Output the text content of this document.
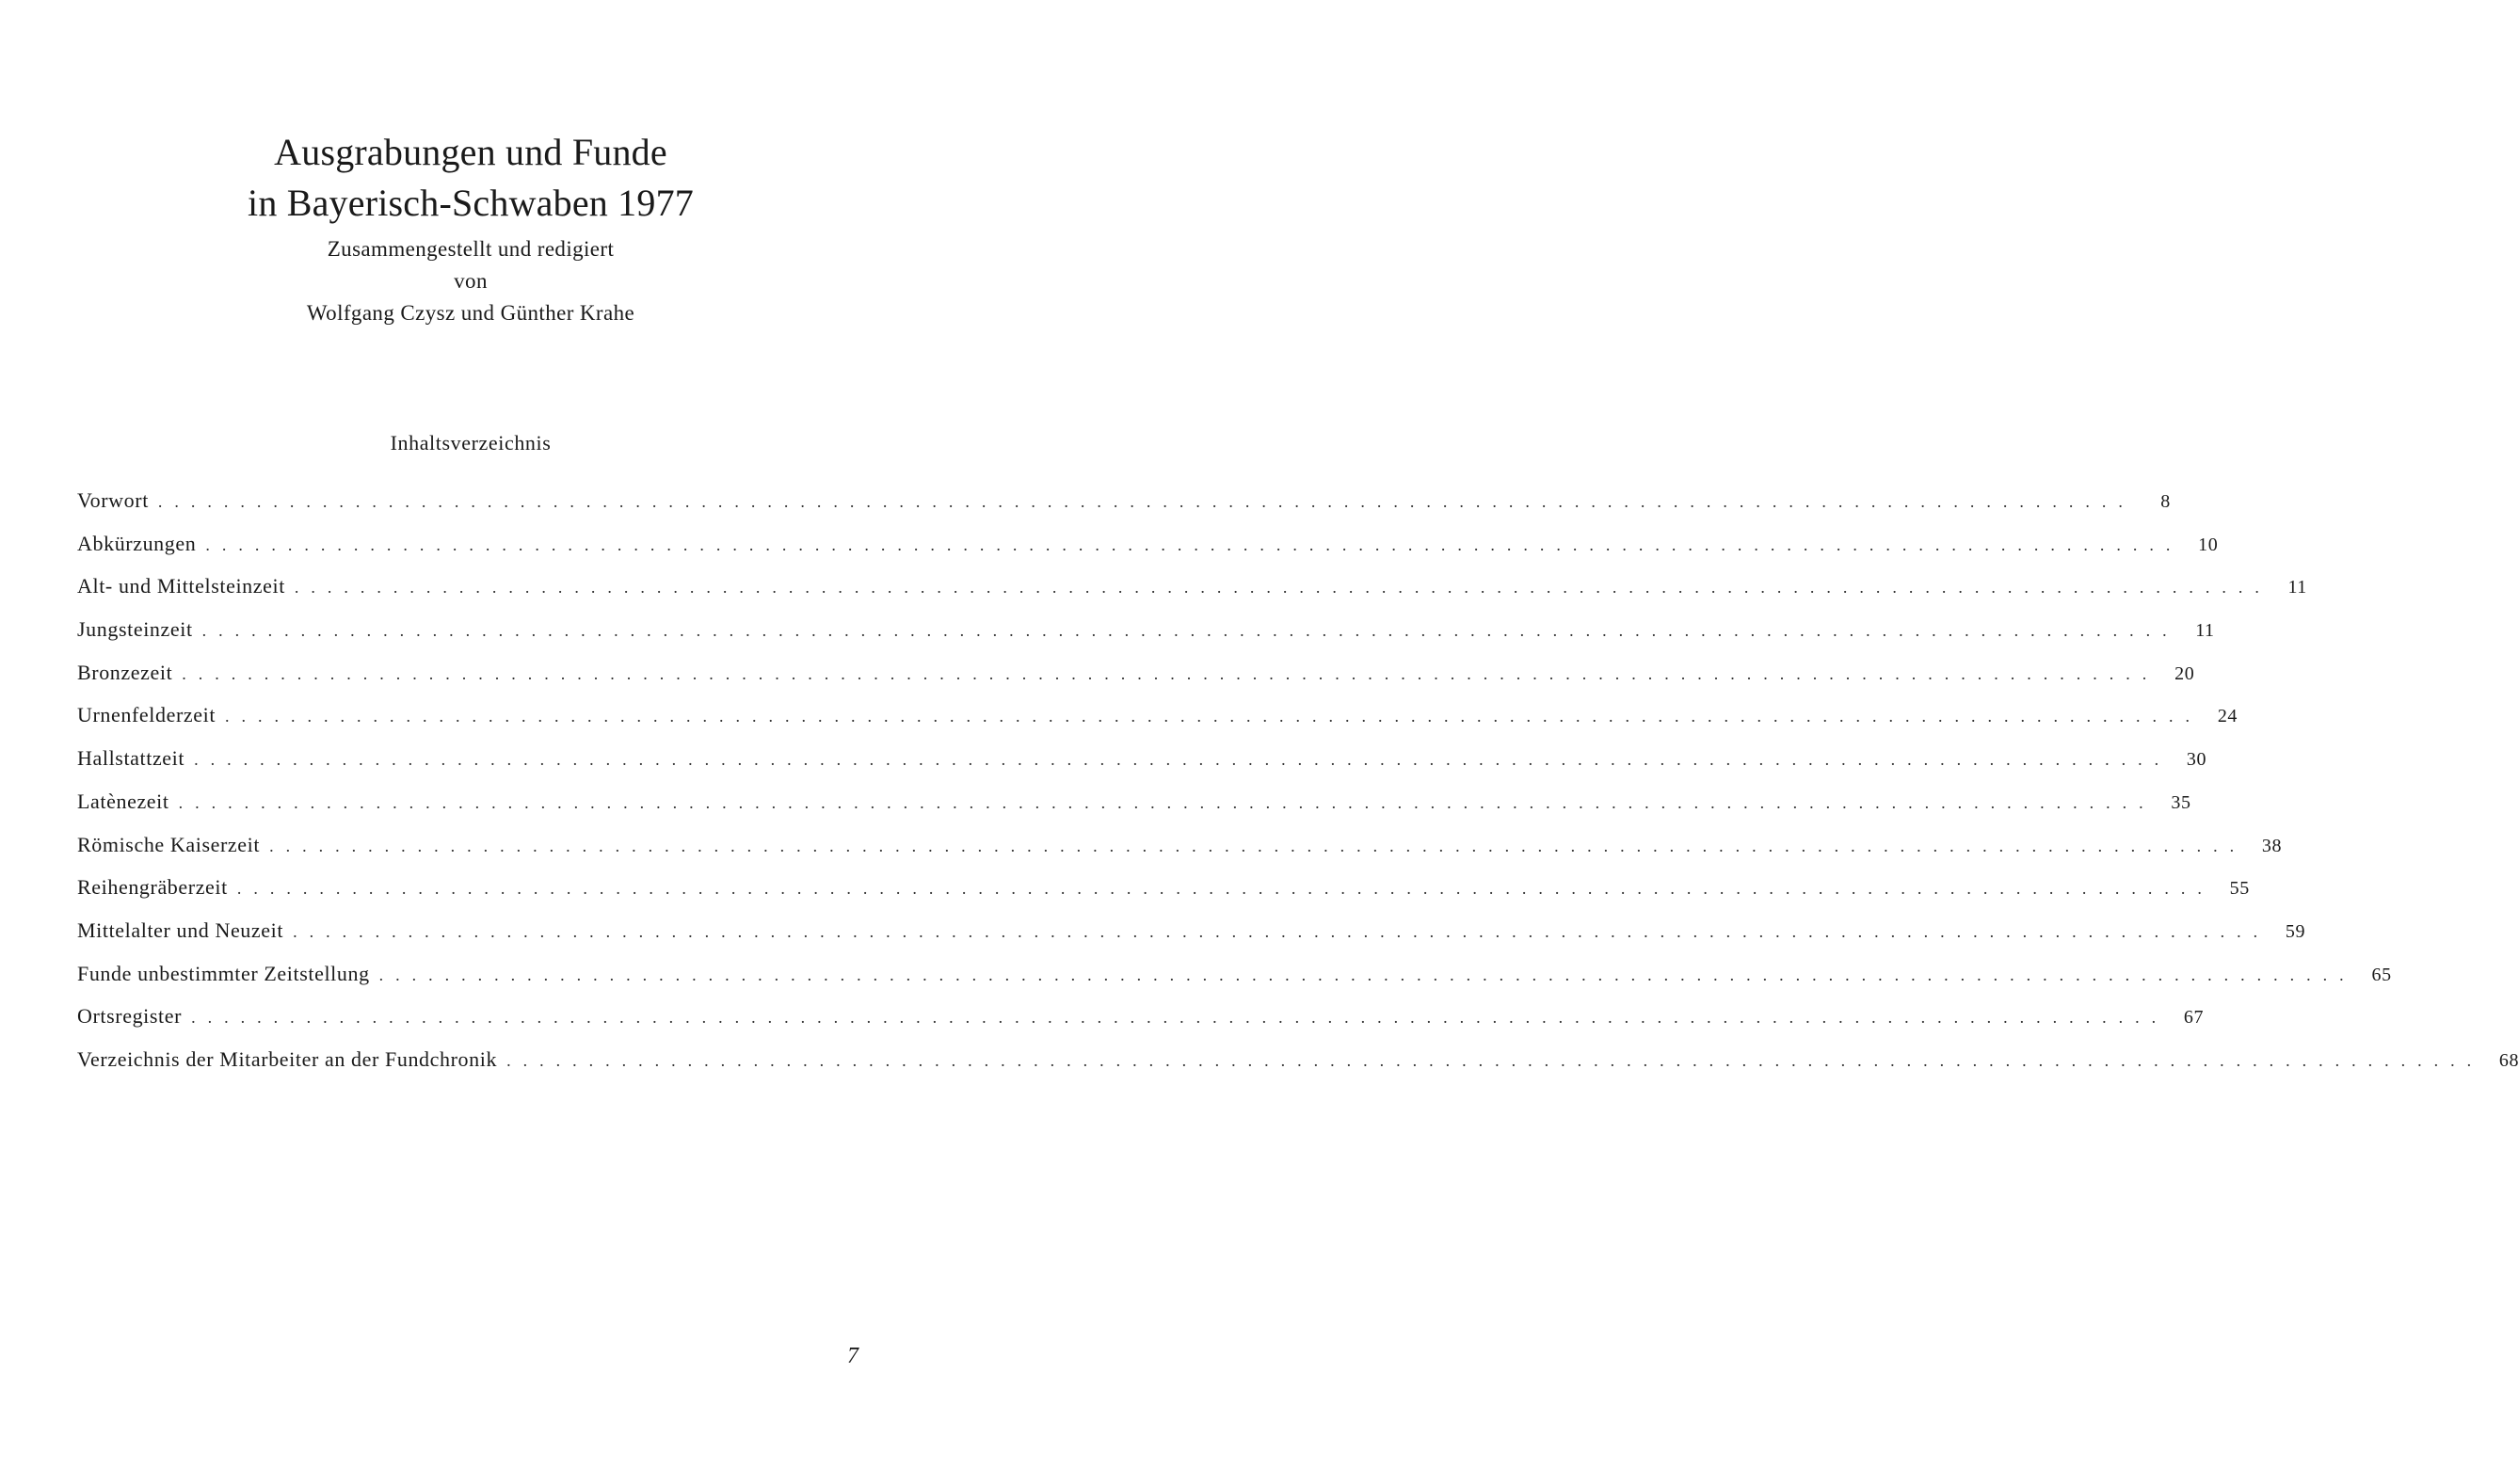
Ausgrabungen und Funde
in Bayerisch-Schwaben 1977
Zusammengestellt und redigiert
von
Wolfgang Czysz und Günther Krahe
Inhaltsverzeichnis
Vorwort ........................................................................................................................	8
Abkürzungen ........................................................................................................................ 10
Alt- und Mittelsteinzeit ........................................................................................................................ 11
Jungsteinzeit ........................................................................................................................ 11
Bronzezeit ........................................................................................................................ 20
Urnenfelderzeit ........................................................................................................................ 24
Hallstattzeit ........................................................................................................................ 30
Latènezeit ........................................................................................................................ 35
Römische Kaiserzeit ........................................................................................................................ 38
Reihengräberzeit ........................................................................................................................ 55
Mittelalter und Neuzeit ........................................................................................................................ 59
Funde unbestimmter Zeitstellung ........................................................................................................................ 65
Ortsregister ........................................................................................................................ 67
Verzeichnis der Mitarbeiter an der Fundchronik ........................................................................................................................ 68
7
